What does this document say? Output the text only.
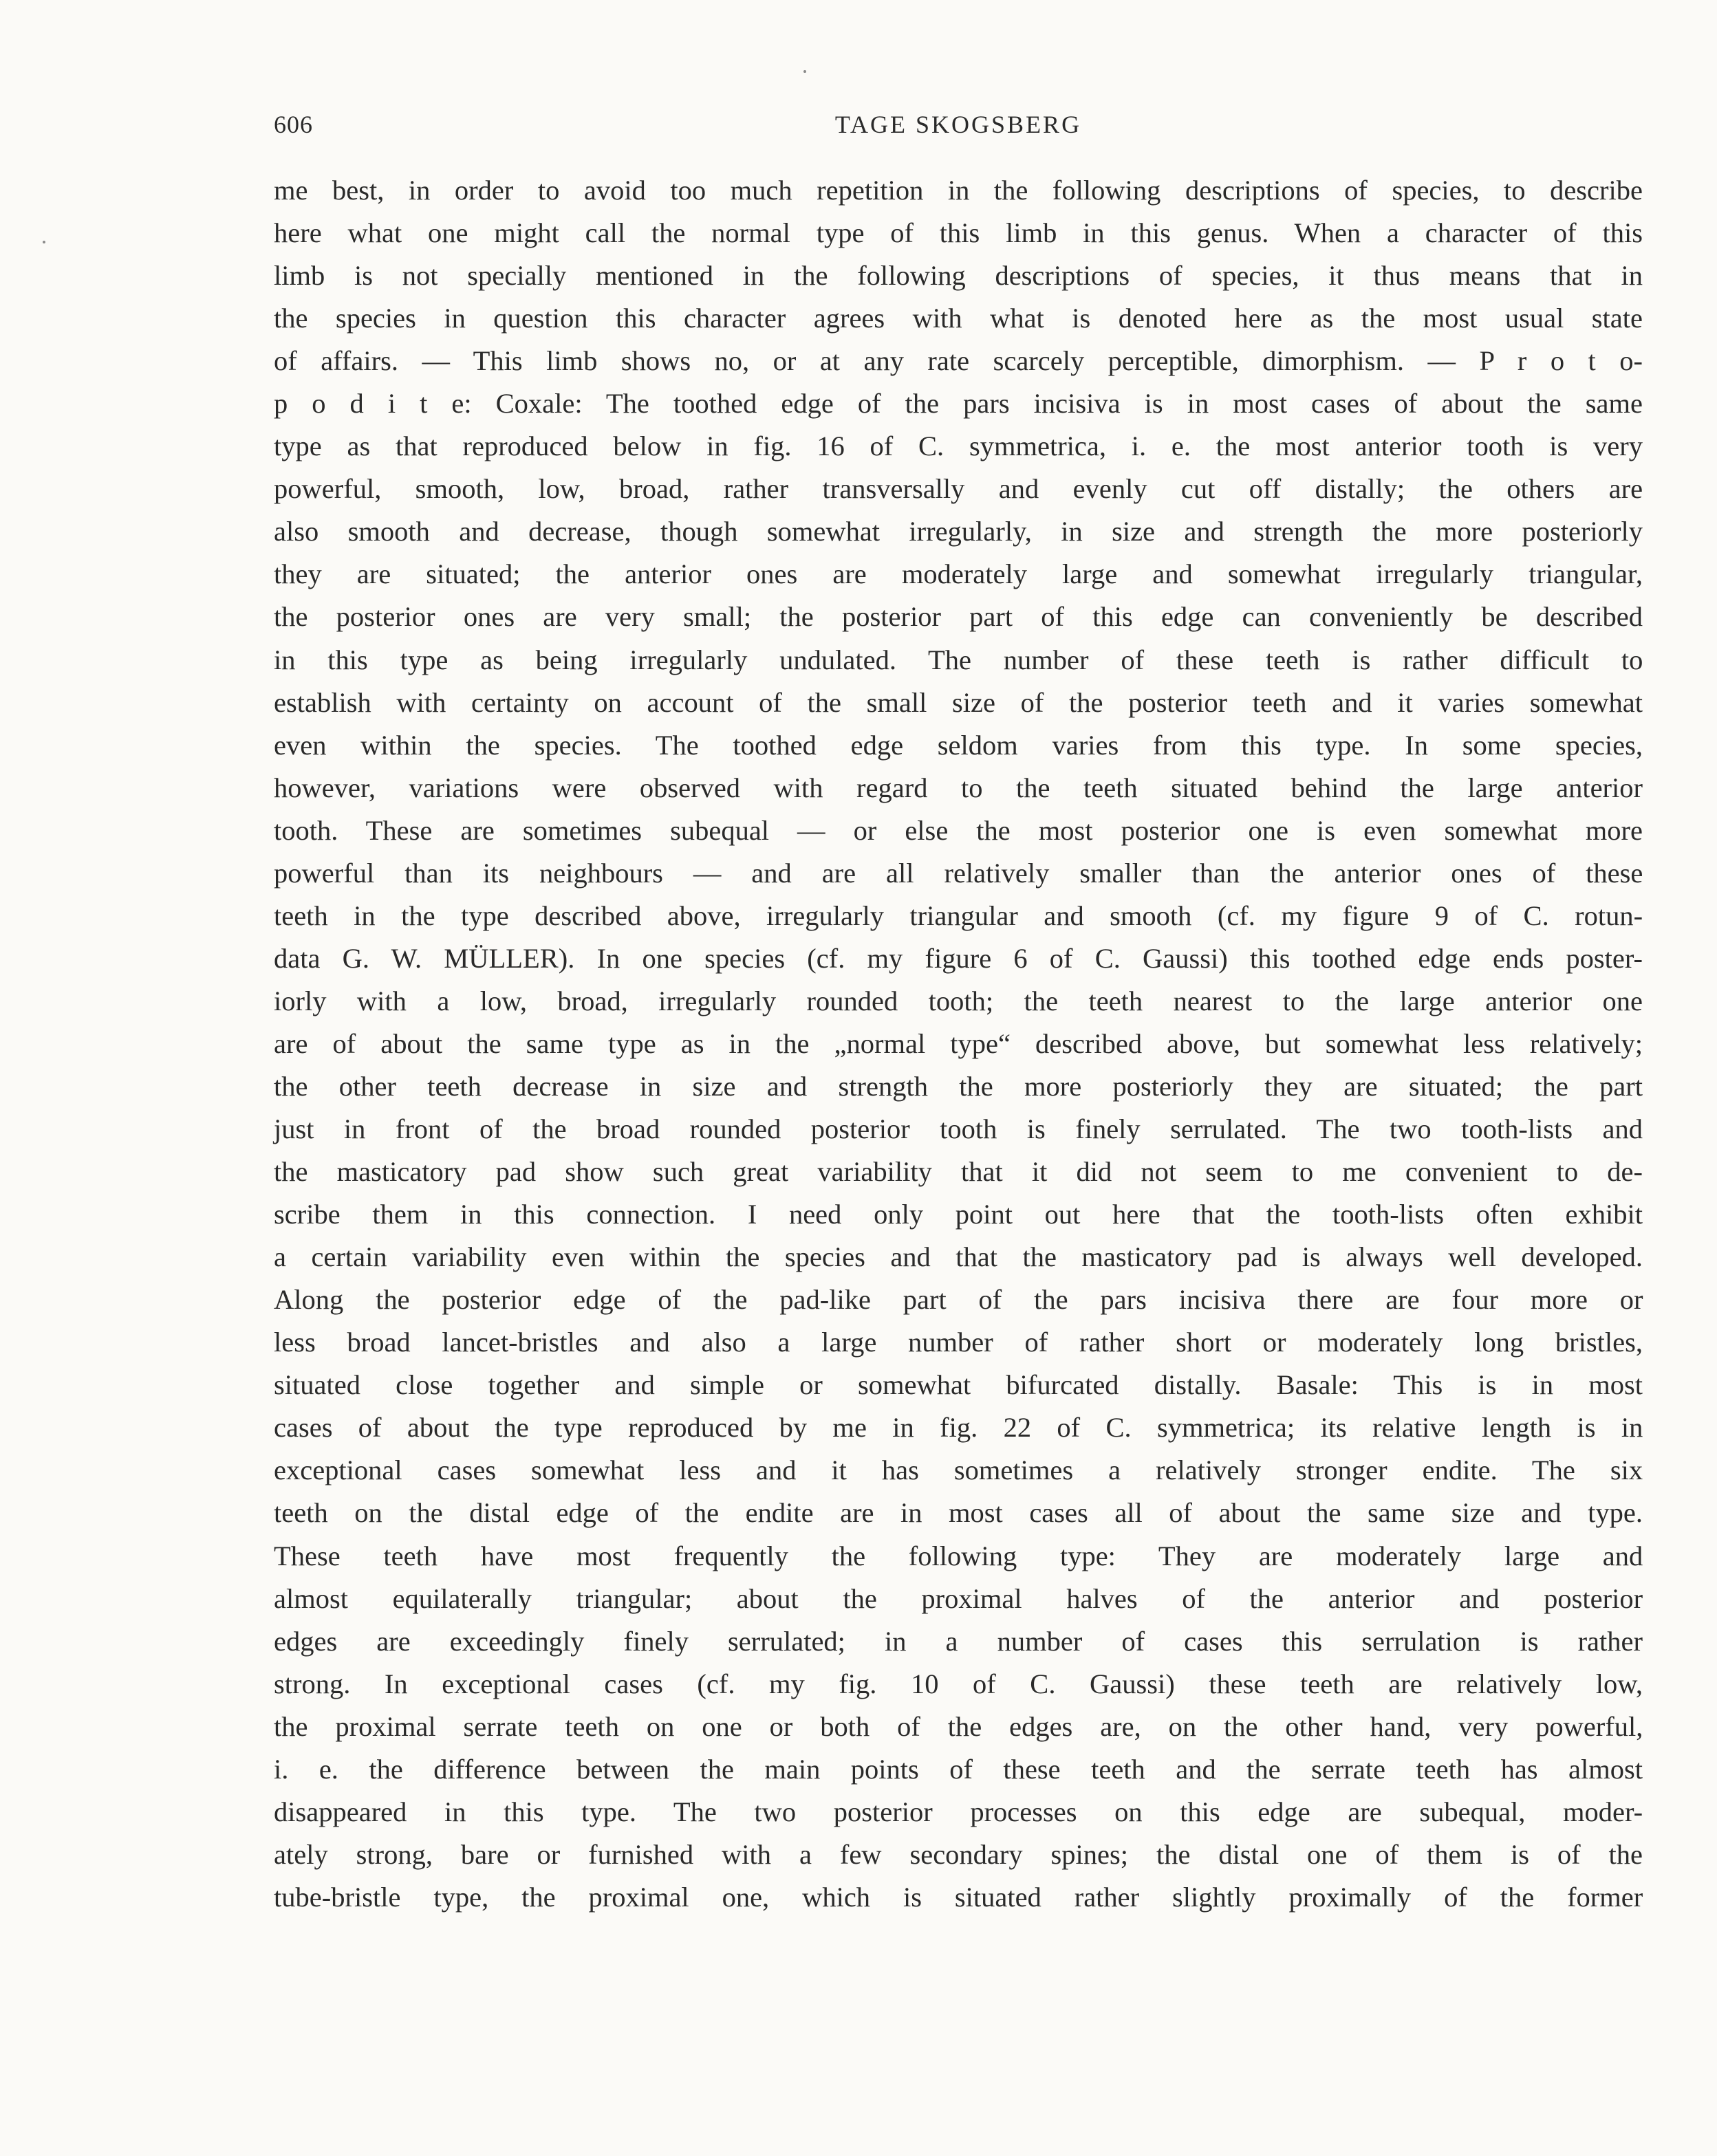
606	TAGE SKOGSBERG
me best, in order to avoid too much repetition in the following descriptions of species, to describe
here what one might call the normal type of this limb in this genus. When a character of this
limb is not specially mentioned in the following descriptions of species, it thus means that in
the species in question this character agrees with what is denoted here as the most usual state
of affairs. — This limb shows no, or at any rate scarcely perceptible, dimorphism. — P r o t o-
p o d i t e: Coxale: The toothed edge of the pars incisiva is in most cases of about the same
type as that reproduced below in fig. 16 of C. symmetrica, i. e. the most anterior tooth is very
powerful, smooth, low, broad, rather transversally and evenly cut off distally; the others are
also smooth and decrease, though somewhat irregularly, in size and strength the more posteriorly
they are situated; the anterior ones are moderately large and somewhat irregularly triangular,
the posterior ones are very small; the posterior part of this edge can conveniently be described
in this type as being irregularly undulated. The number of these teeth is rather difficult to
establish with certainty on account of the small size of the posterior teeth and it varies somewhat
even within the species. The toothed edge seldom varies from this type. In some species,
however, variations were observed with regard to the teeth situated behind the large anterior
tooth. These are sometimes subequal — or else the most posterior one is even somewhat more
powerful than its neighbours — and are all relatively smaller than the anterior ones of these
teeth in the type described above, irregularly triangular and smooth (cf. my figure 9 of C. rotun-
data G. W. MÜLLER). In one species (cf. my figure 6 of C. Gaussi) this toothed edge ends poster-
iorly with a low, broad, irregularly rounded tooth; the teeth nearest to the large anterior one
are of about the same type as in the „normal type“ described above, but somewhat less relatively;
the other teeth decrease in size and strength the more posteriorly they are situated; the part
just in front of the broad rounded posterior tooth is finely serrulated. The two tooth-lists and
the masticatory pad show such great variability that it did not seem to me convenient to de-
scribe them in this connection. I need only point out here that the tooth-lists often exhibit
a certain variability even within the species and that the masticatory pad is always well developed.
Along the posterior edge of the pad-like part of the pars incisiva there are four more or
less broad lancet-bristles and also a large number of rather short or moderately long bristles,
situated close together and simple or somewhat bifurcated distally. Basale: This is in most
cases of about the type reproduced by me in fig. 22 of C. symmetrica; its relative length is in
exceptional cases somewhat less and it has sometimes a relatively stronger endite. The six
teeth on the distal edge of the endite are in most cases all of about the same size and type.
These teeth have most frequently the following type: They are moderately large and
almost equilaterally triangular; about the proximal halves of the anterior and posterior
edges are exceedingly finely serrulated; in a number of cases this serrulation is rather
strong. In exceptional cases (cf. my fig. 10 of C. Gaussi) these teeth are relatively low,
the proximal serrate teeth on one or both of the edges are, on the other hand, very powerful,
i. e. the difference between the main points of these teeth and the serrate teeth has almost
disappeared in this type. The two posterior processes on this edge are subequal, moder-
ately strong, bare or furnished with a few secondary spines; the distal one of them is of the
tube-bristle type, the proximal one, which is situated rather slightly proximally of the former
